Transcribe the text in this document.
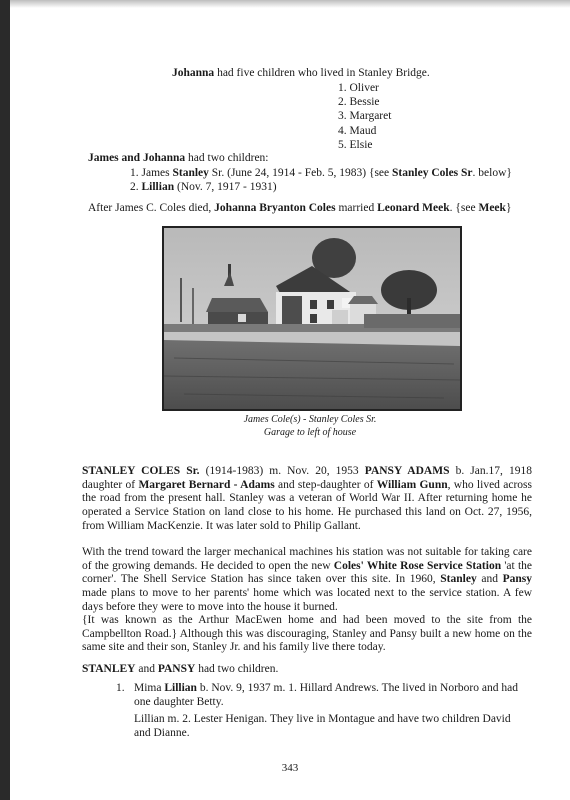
Johanna had five children who lived in Stanley Bridge.
1. Oliver
2. Bessie
3. Margaret
4. Maud
5. Elsie
James and Johanna had two children:
1. James Stanley Sr. (June 24, 1914 - Feb. 5, 1983) {see Stanley Coles Sr. below}
2. Lillian (Nov. 7, 1917 - 1931)
After James C. Coles died, Johanna Bryanton Coles married Leonard Meek. {see Meek}
James Cole(s) - Stanley Coles Sr.
Garage to left of house
STANLEY COLES Sr. (1914-1983) m. Nov. 20, 1953 PANSY ADAMS b. Jan.17, 1918 daughter of Margaret Bernard - Adams and step-daughter of William Gunn, who lived across the road from the present hall. Stanley was a veteran of World War II. After returning home he operated a Service Station on land close to his home. He purchased this land on Oct. 27, 1956, from William MacKenzie. It was later sold to Philip Gallant.
With the trend toward the larger mechanical machines his station was not suitable for taking care of the growing demands. He decided to open the new Coles' White Rose Service Station 'at the corner'. The Shell Service Station has since taken over this site. In 1960, Stanley and Pansy made plans to move to her parents' home which was located next to the service station. A few days before they were to move into the house it burned.
{It was known as the Arthur MacEwen home and had been moved to the site from the Campbellton Road.} Although this was discouraging, Stanley and Pansy built a new home on the same site and their son, Stanley Jr. and his family live there today.
STANLEY and PANSY had two children.
1. Mima Lillian b. Nov. 9, 1937 m. 1. Hillard Andrews. The lived in Norboro and had one daughter Betty.
Lillian m. 2. Lester Henigan. They live in Montague and have two children David and Dianne.
343
